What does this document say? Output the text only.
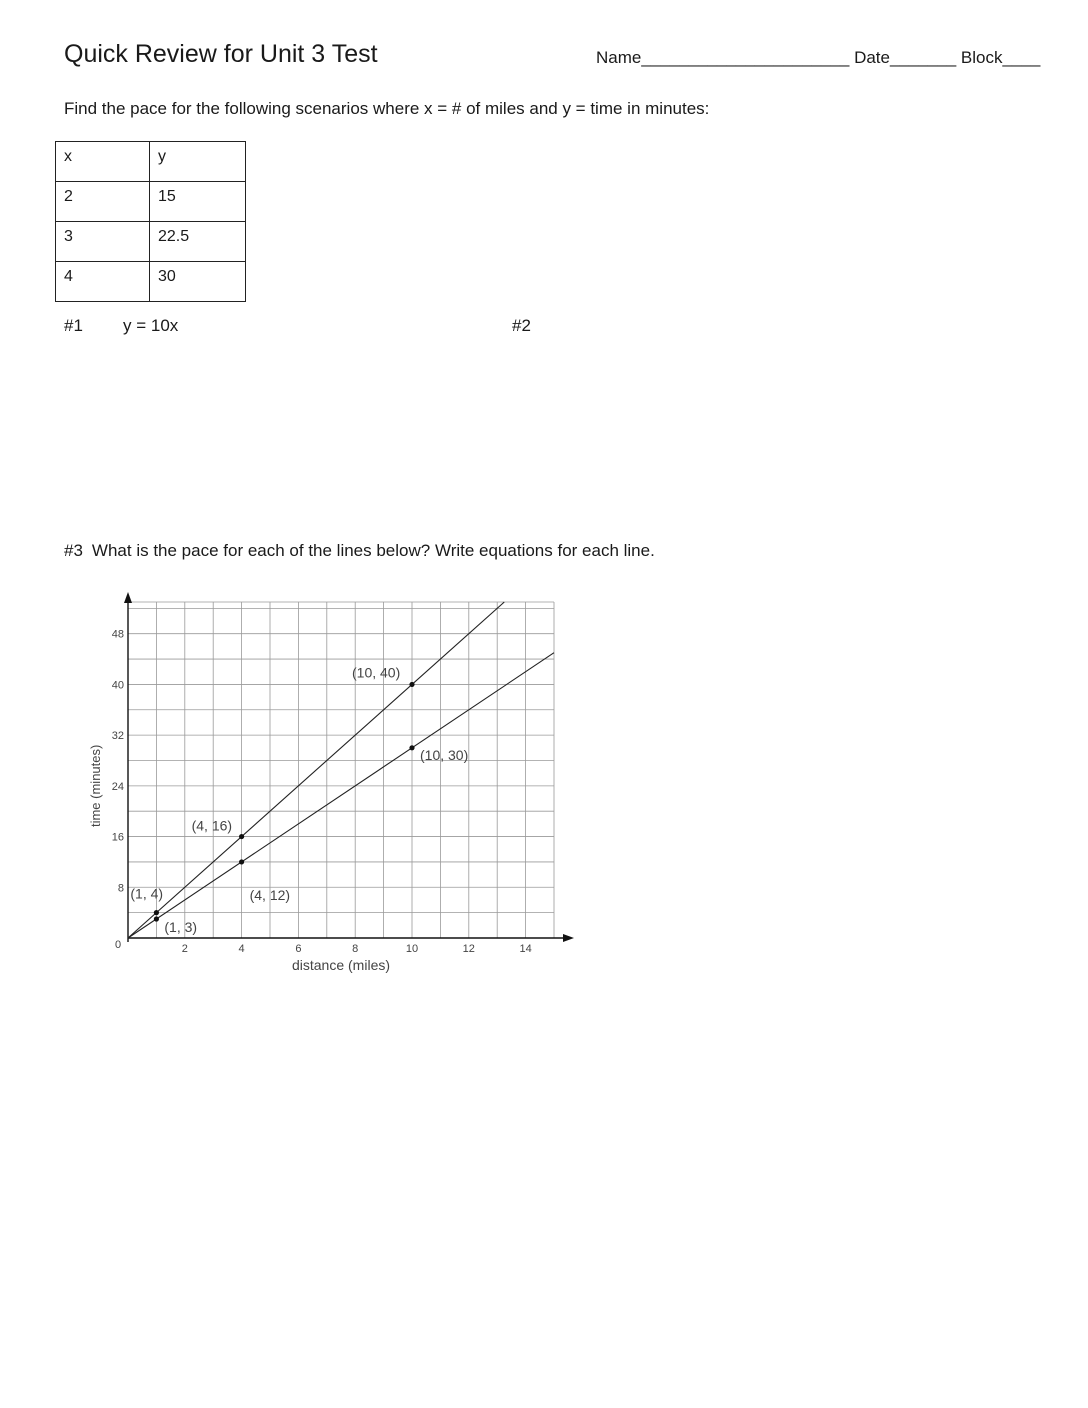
Quick Review for Unit 3 Test	Name______________________ Date_______ Block____
Find the pace for the following scenarios where x = # of miles and y = time in minutes:
x	y
2	15
3	22.5
4	30
#1 y = 10x	#2
#3 What is the pace for each of the lines below? Write equations for each line.
2	4	6	8	10	12	14
8
16
24
32
40
48
0
distance (miles)
time (minutes)
(1, 4)
(4, 16)
(10, 40)
(1, 3)
(4, 12)
(10, 30)
